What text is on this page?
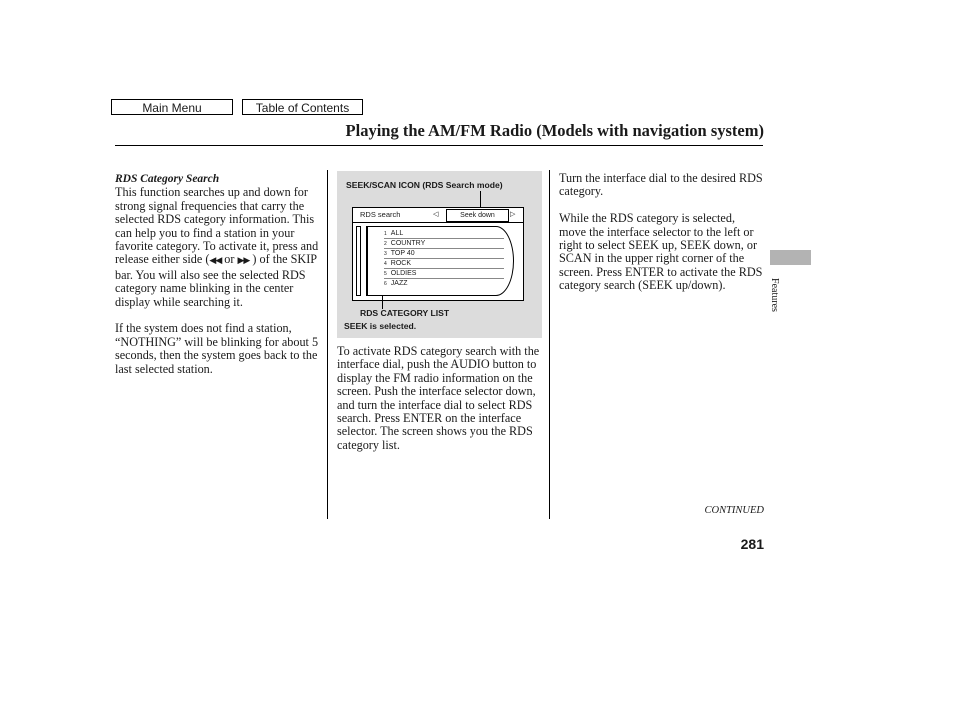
Main Menu	Table of Contents
Playing the AM/FM Radio (Models with navigation system)

RDS Category Search

This function searches up and down for strong signal frequencies that carry the selected RDS category information. This can help you to find a station in your favorite category. To activate it, press and release either side (◀◀ or ▶▶ ) of the SKIP bar. You will also see the selected RDS category name blinking in the center display while searching it.

If the system does not find a station, “NOTHING” will be blinking for about 5 seconds, then the system goes back to the last selected station.

SEEK/SCAN ICON (RDS Search mode)
RDS search	◁	Seek down	▷
1 ALL
2 COUNTRY
3 TOP 40
4 ROCK
5 OLDIES
6 JAZZ
RDS CATEGORY LIST
SEEK is selected.

To activate RDS category search with the interface dial, push the AUDIO button to display the FM radio information on the screen. Push the interface selector down, and turn the interface dial to select RDS search. Press ENTER on the interface selector. The screen shows you the RDS category list.

Turn the interface dial to the desired RDS category.

While the RDS category is selected, move the interface selector to the left or right to select SEEK up, SEEK down, or SCAN in the upper right corner of the screen. Press ENTER to activate the RDS category search (SEEK up/down).	Features
CONTINUED
281
